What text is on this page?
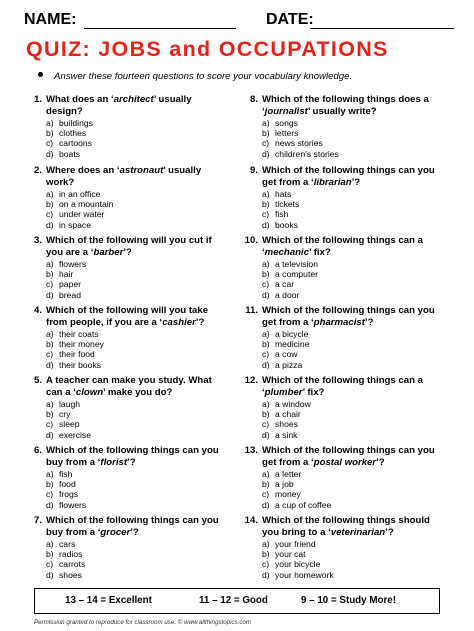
NAME:	DATE:
QUIZ: JOBS and OCCUPATIONS
Answer these fourteen questions to score your vocabulary knowledge.
1. What does an ‘architect’ usually design?
a) buildings
b) clothes
c) cartoons
d) boats
2. Where does an ‘astronaut’ usually work?
a) in an office
b) on a mountain
c) under water
d) in space
3. Which of the following will you cut if you are a ‘barber’?
a) flowers
b) hair
c) paper
d) bread
4. Which of the following will you take from people, if you are a ‘cashier’?
a) their coats
b) their money
c) their food
d) their books
5. A teacher can make you study. What can a ‘clown’ make you do?
a) laugh
b) cry
c) sleep
d) exercise
6. Which of the following things can you buy from a ‘florist’?
a) fish
b) food
c) frogs
d) flowers
7. Which of the following things can you buy from a ‘grocer’?
a) cars
b) radios
c) carrots
d) shoes
8. Which of the following things does a ‘journalist’ usually write?
a) songs
b) letters
c) news stories
d) children’s stories
9. Which of the following things can you get from a ‘librarian’?
a) hats
b) tickets
c) fish
d) books
10. Which of the following things can a ‘mechanic’ fix?
a) a television
b) a computer
c) a car
d) a door
11. Which of the following things can you get from a ‘pharmacist’?
a) a bicycle
b) medicine
c) a cow
d) a pizza
12. Which of the following things can a ‘plumber’ fix?
a) a window
b) a chair
c) shoes
d) a sink
13. Which of the following things can you get from a ‘postal worker’?
a) a letter
b) a job
c) money
d) a cup of coffee
14. Which of the following things should you bring to a ‘veterinarian’?
a) your friend
b) your cat
c) your bicycle
d) your homework
13 – 14 = Excellent	11 – 12 = Good	9 – 10 = Study More!
Permission granted to reproduce for classroom use. © www.allthingstopics.com
